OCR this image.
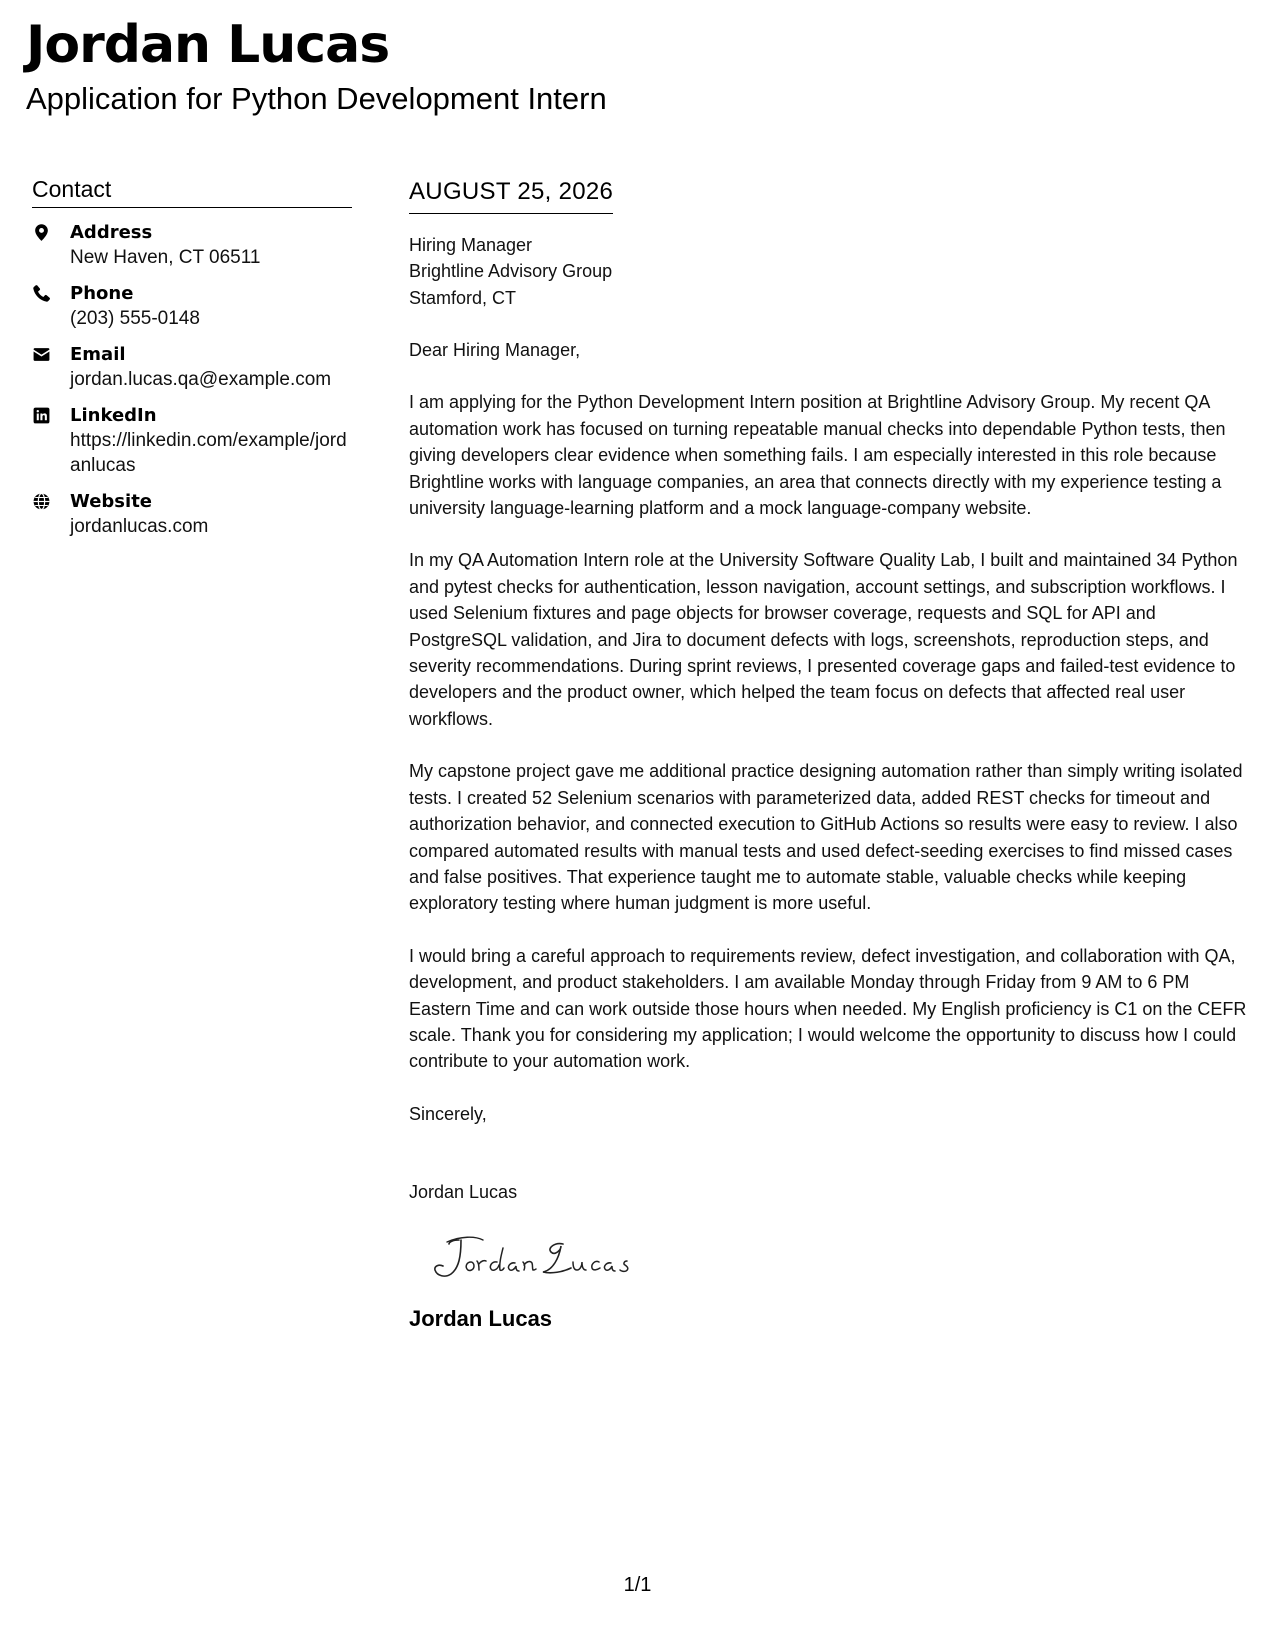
Jordan Lucas
Application for Python Development Intern
Contact
Address
New Haven, CT 06511
Phone
(203) 555-0148
Email
jordan.lucas.qa@example.com
LinkedIn
https://linkedin.com/example/jordanlucas
Website
jordanlucas.com
AUGUST 25, 2026
Hiring Manager
Brightline Advisory Group
Stamford, CT
Dear Hiring Manager,
I am applying for the Python Development Intern position at Brightline Advisory Group. My recent QA automation work has focused on turning repeatable manual checks into dependable Python tests, then giving developers clear evidence when something fails. I am especially interested in this role because Brightline works with language companies, an area that connects directly with my experience testing a university language-learning platform and a mock language-company website.
In my QA Automation Intern role at the University Software Quality Lab, I built and maintained 34 Python and pytest checks for authentication, lesson navigation, account settings, and subscription workflows. I used Selenium fixtures and page objects for browser coverage, requests and SQL for API and PostgreSQL validation, and Jira to document defects with logs, screenshots, reproduction steps, and severity recommendations. During sprint reviews, I presented coverage gaps and failed-test evidence to developers and the product owner, which helped the team focus on defects that affected real user workflows.
My capstone project gave me additional practice designing automation rather than simply writing isolated tests. I created 52 Selenium scenarios with parameterized data, added REST checks for timeout and authorization behavior, and connected execution to GitHub Actions so results were easy to review. I also compared automated results with manual tests and used defect-seeding exercises to find missed cases and false positives. That experience taught me to automate stable, valuable checks while keeping exploratory testing where human judgment is more useful.
I would bring a careful approach to requirements review, defect investigation, and collaboration with QA, development, and product stakeholders. I am available Monday through Friday from 9 AM to 6 PM Eastern Time and can work outside those hours when needed. My English proficiency is C1 on the CEFR scale. Thank you for considering my application; I would welcome the opportunity to discuss how I could contribute to your automation work.
Sincerely,
Jordan Lucas
Jordan Lucas
1/1
